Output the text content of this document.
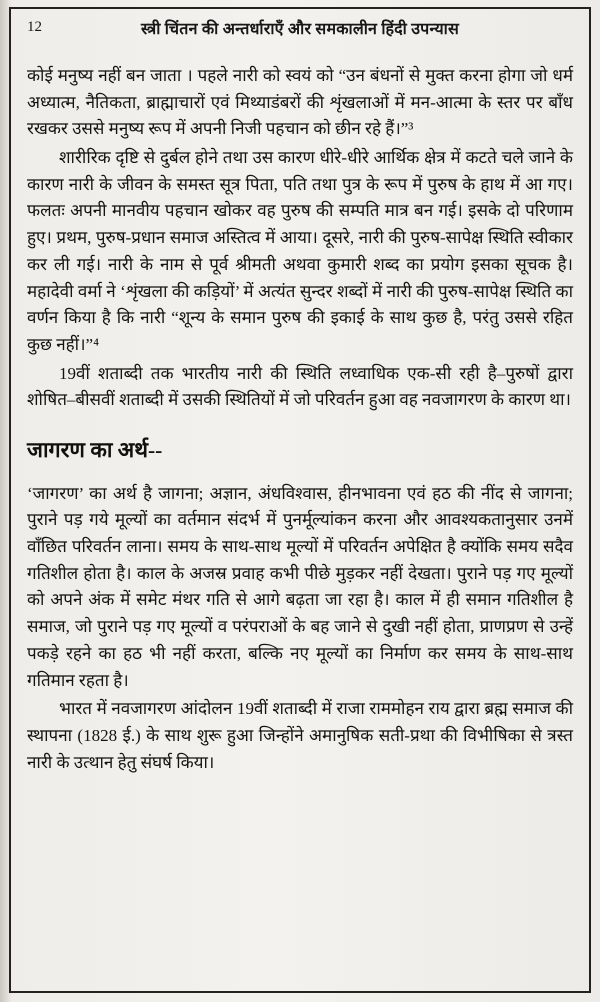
12	स्त्री चिंतन की अन्तर्धाराएँ और समकालीन हिंदी उपन्यास

कोई मनुष्य नहीं बन जाता । पहले नारी को स्वयं को “उन बंधनों से मुक्त करना होगा जो धर्म अध्यात्म, नैतिकता, ब्राह्माचारों एवं मिथ्याडंबरों की शृंखलाओं में मन-आत्मा के स्तर पर बाँध रखकर उससे मनुष्य रूप में अपनी निजी पहचान को छीन रहे हैं।”³

शारीरिक दृष्टि से दुर्बल होने तथा उस कारण धीरे-धीरे आर्थिक क्षेत्र में कटते चले जाने के कारण नारी के जीवन के समस्त सूत्र पिता, पति तथा पुत्र के रूप में पुरुष के हाथ में आ गए। फलतः अपनी मानवीय पहचान खोकर वह पुरुष की सम्पति मात्र बन गई। इसके दो परिणाम हुए। प्रथम, पुरुष-प्रधान समाज अस्तित्व में आया। दूसरे, नारी की पुरुष-सापेक्ष स्थिति स्वीकार कर ली गई। नारी के नाम से पूर्व श्रीमती अथवा कुमारी शब्द का प्रयोग इसका सूचक है। महादेवी वर्मा ने ‘शृंखला की कड़ियों’ में अत्यंत सुन्दर शब्दों में नारी की पुरुष-सापेक्ष स्थिति का वर्णन किया है कि नारी “शून्य के समान पुरुष की इकाई के साथ कुछ है, परंतु उससे रहित कुछ नहीं।”⁴

19वीं शताब्दी तक भारतीय नारी की स्थिति लध्वाधिक एक-सी रही है–पुरुषों द्वारा शोषित–बीसवीं शताब्दी में उसकी स्थितियों में जो परिवर्तन हुआ वह नवजागरण के कारण था।

जागरण का अर्थ--

‘जागरण’ का अर्थ है जागना; अज्ञान, अंधविश्वास, हीनभावना एवं हठ की नींद से जागना; पुराने पड़ गये मूल्यों का वर्तमान संदर्भ में पुनर्मूल्यांकन करना और आवश्यकतानुसार उनमें वाँछित परिवर्तन लाना। समय के साथ-साथ मूल्यों में परिवर्तन अपेक्षित है क्योंकि समय सदैव गतिशील होता है। काल के अजस्र प्रवाह कभी पीछे मुड़कर नहीं देखता। पुराने पड़ गए मूल्यों को अपने अंक में समेट मंथर गति से आगे बढ़ता जा रहा है। काल में ही समान गतिशील है समाज, जो पुराने पड़ गए मूल्यों व परंपराओं के बह जाने से दुखी नहीं होता, प्राणप्रण से उन्हें पकड़े रहने का हठ भी नहीं करता, बल्कि नए मूल्यों का निर्माण कर समय के साथ-साथ गतिमान रहता है।

भारत में नवजागरण आंदोलन 19वीं शताब्दी में राजा राममोहन राय द्वारा ब्रह्म समाज की स्थापना (1828 ई.) के साथ शुरू हुआ जिन्होंने अमानुषिक सती-प्रथा की विभीषिका से त्रस्त नारी के उत्थान हेतु संघर्ष किया।
